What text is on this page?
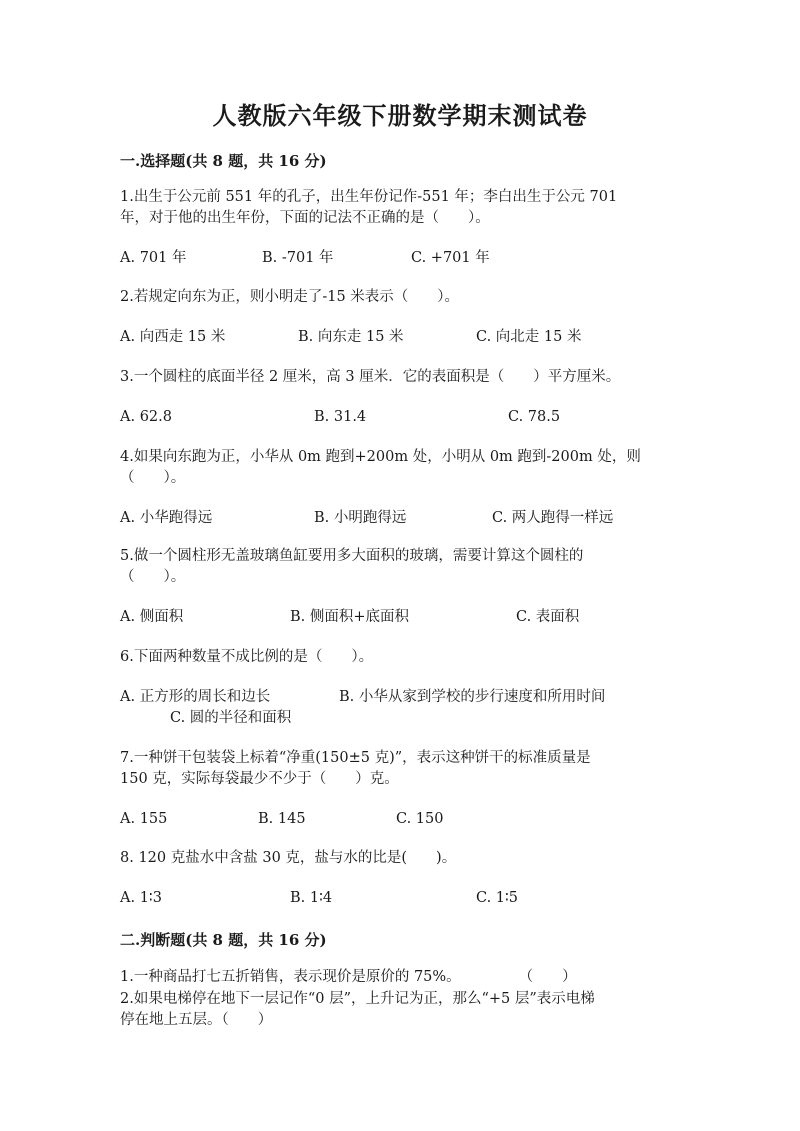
人教版六年级下册数学期末测试卷
一.选择题(共 8 题，共 16 分)
1.出生于公元前 551 年的孔子，出生年份记作-551 年；李白出生于公元 701
年，对于他的出生年份，下面的记法不正确的是（　　）。
A. 701 年	B. -701 年	C. +701 年
2.若规定向东为正，则小明走了-15 米表示（　　）。
A. 向西走 15 米	B. 向东走 15 米	C. 向北走 15 米
3.一个圆柱的底面半径 2 厘米，高 3 厘米．它的表面积是（　　）平方厘米。
A. 62.8	B. 31.4	C. 78.5
4.如果向东跑为正，小华从 0m 跑到+200m 处，小明从 0m 跑到-200m 处，则
（　　）。
A. 小华跑得远	B. 小明跑得远	C. 两人跑得一样远
5.做一个圆柱形无盖玻璃鱼缸要用多大面积的玻璃，需要计算这个圆柱的
（　　）。
A. 侧面积	B. 侧面积+底面积	C. 表面积
6.下面两种数量不成比例的是（　　）。
A. 正方形的周长和边长	B. 小华从家到学校的步行速度和所用时间
C. 圆的半径和面积
7.一种饼干包装袋上标着“净重(150±5 克)”，表示这种饼干的标准质量是
150 克，实际每袋最少不少于（　　）克。
A. 155	B. 145	C. 150
8. 120 克盐水中含盐 30 克，盐与水的比是(　　)。
A. 1∶3	B. 1∶4	C. 1∶5
二.判断题(共 8 题，共 16 分)
1.一种商品打七五折销售，表示现价是原价的 75%。　　　　　（　　）
2.如果电梯停在地下一层记作“0 层”，上升记为正，那么“+5 层”表示电梯
停在地上五层。（　　）
